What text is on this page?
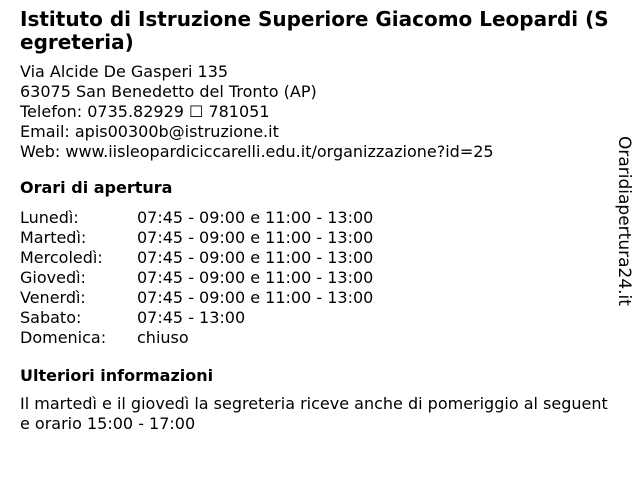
Istituto di Istruzione Superiore Giacomo Leopardi (Segreteria)
Via Alcide De Gasperi 135
63075 San Benedetto del Tronto (AP)
Telefon: 0735.82929 ☐ 781051
Email: apis00300b@istruzione.it
Web: www.iisleopardiciccarelli.edu.it/organizzazione?id=25
Orari di apertura
Lunedì:	07:45 - 09:00 e 11:00 - 13:00
Martedì:	07:45 - 09:00 e 11:00 - 13:00
Mercoledì:	07:45 - 09:00 e 11:00 - 13:00
Giovedì:	07:45 - 09:00 e 11:00 - 13:00
Venerdì:	07:45 - 09:00 e 11:00 - 13:00
Sabato:	07:45 - 13:00
Domenica:	chiuso
Ulteriori informazioni
Il martedì e il giovedì la segreteria riceve anche di pomeriggio al seguente orario 15:00 - 17:00
Oraridiapertura24.it
